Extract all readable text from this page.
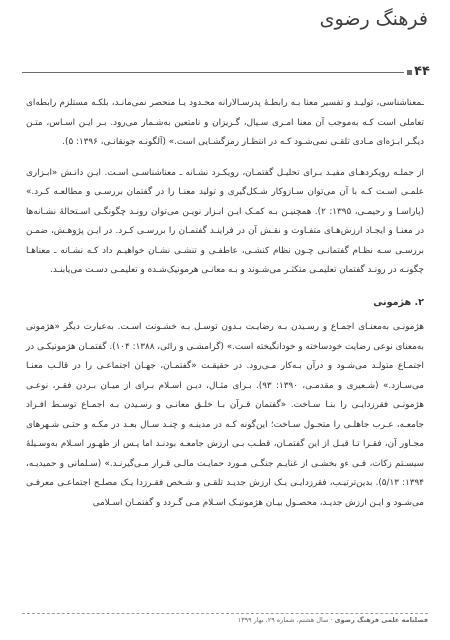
فرهنگ رضوی
۴۴

ـمعناشناسی، تولیـد و تفسیر معنا بـه رابطـۀ پدرسـالارانه محـدود یـا منحصر نمی‌مانـد، بلکـه مستلزم رابطه‌ای تعاملی است کـه به‌موجب آن معنا امـری سـیال، گـریزان و نامتعین به‌شـمار می‌رود. بـر ایـن اسـاس، متـن دیگـر ابـژه‌ای مـادی تلقـی نمی‌شـود کـه در انتظـار رمزگشـایی است.» (آلگونـه جونقانـی، ۱۳۹۶: ۵).

از جملـه رویکردهـای مفیـد بـرای تحلیـل گفتمـان، رویکـرد نشـانه ـ معناشناسـی اسـت. ایـن دانـش «ابـزاری علمـی اسـت کـه با آن می‌توان سـازوکار شـکل‌گیری و تولید معنـا را در گفتمان بررسـی و مطالعـه کـرد.» (پاراسـا و رحیمـی، ۱۳۹۵: ۲). همچنیـن بـه کمـک ایـن ابـزار نویـن می‌توان رونـد چگونگـی اسـتحالۀ نشـانه‌ها در معنـا و ایجـاد ارزش‌هـای متفـاوت و نقـش آن در فراینـد گفتمـان را بررسـی کـرد. در ایـن پژوهـش، ضمـن بررسـی سـه نظـام گفتمانـی چـون نظام کنشـی، عاطفـی و تنشـی نشـان خواهیـم داد کـه نشـانه ـ معناهـا چگونـه در رونـد گفتمان تعلیمـی متکثـر می‌شـوند و بـه معانـی هرمونیک‌شـده و تعلیمـی دسـت می‌یابنـد.

۲. هژمونی

هژمونـی به‌معنـای اجمـاع و رسـیدن بـه رضایـت بـدون توسـل بـه خشـونت اسـت. به‌عبارت دیگر «هژمونی به‌معنای نوعی رضایت خودساخته و خودانگیخته است.» (گرامشـی و رائی، ۱۳۸۸: ۱۰۴). گفتمـان هژمونیکـی در اجتمـاع متولـد می‌شـود و درآن بـه‌کار مـی‌رود. در حقیقـت «گفتمـان، جهـان اجتماعـی را در قالـب معنـا می‌سـازد.» (شـعیری و مقدمـی، ۱۳۹۰: ۹۳). بـرای مثـال، دیـن اسـلام بـرای از میـان بـردن فقـر، نوعـی هژمونـی فقرزدایـی را بنـا سـاخت. «گفتمان قـرآن بـا خلـق معانـی و رسـیدن بـه اجمـاع توسـط افـراد جامعـه، عـرب جاهلـی را متحـول سـاخت؛ این‌گونه کـه در مدینـه و چنـد سـال بعـد در مکـه و حتـی شـهرهای مجـاور آن، فقـرا تـا قبـل از این گفتمـان، قطـب بـی ارزش جامعـه بودنـد اما پـس از ظهـور اسـلام به‌وسـیلۀ سیسـتم زکات، فـی ءو بخشـی از غنایـم جنگـی مـورد حمایـت مالـی قـرار مـی‌گیرنـد.» (سـلمانی و حمیدیـه، ۱۳۹۴: ۵/۱۳). بدین‌ترتیـب، فقرزدایـی یـک ارزش جدیـد تلقـی و شـخص فقـرزدا یـک مصلـح اجتماعـی معرفـی می‌شـود و ایـن ارزش جدیـد، محصـول بیـان هژمونیـک اسـلام مـی گـردد و گفتمـان اسـلامی

فصلنامه علمی فرهنگ رضوی · سال هشتم، شماره ۲۹، بهار ۱۳۹۹
